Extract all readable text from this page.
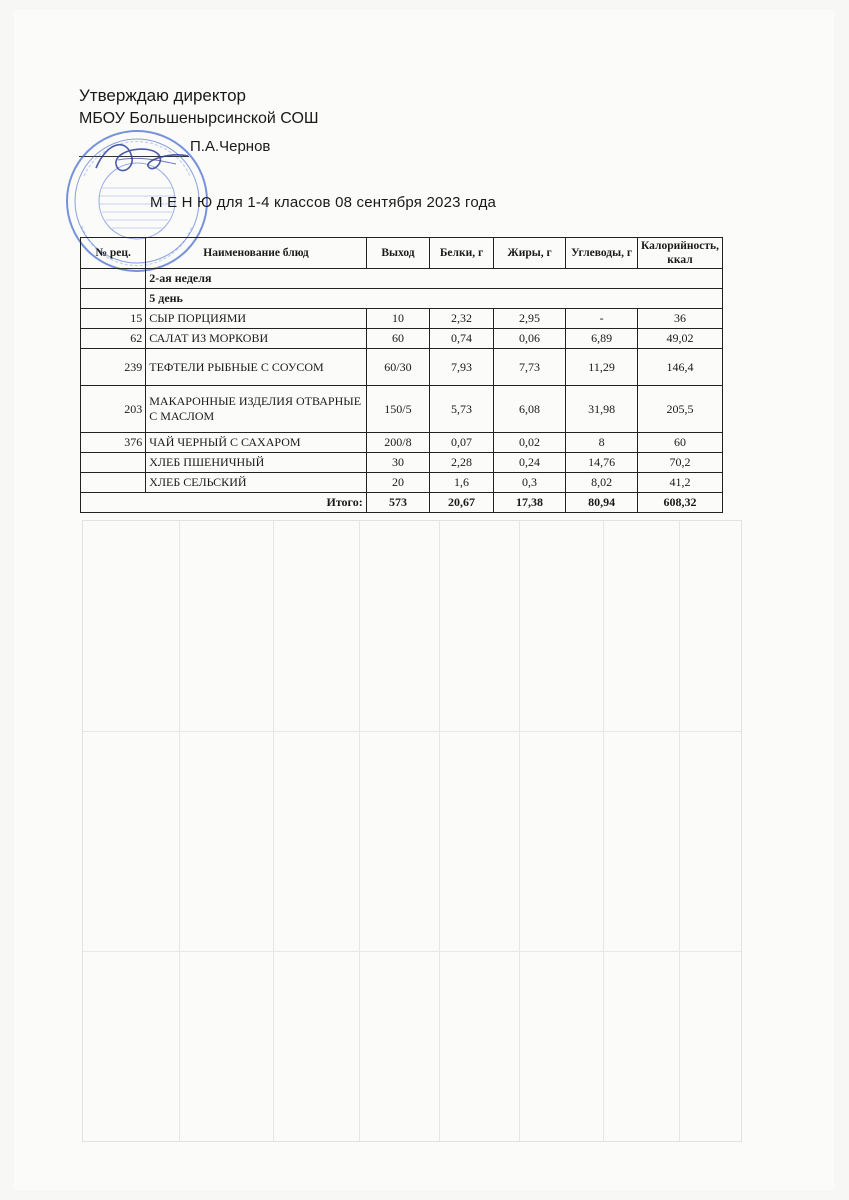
Утверждаю директор
МБОУ Большенырсинской СОШ
П.А.Чернов
М Е Н Ю для 1-4 классов 08 сентября 2023 года
№ рец.	Наименование блюд	Выход	Белки, г	Жиры, г	Углеводы, г	Калорийность, ккал
	2-ая неделя					
	5 день					
15	СЫР ПОРЦИЯМИ	10	2,32	2,95	-	36
62	САЛАТ ИЗ МОРКОВИ	60	0,74	0,06	6,89	49,02
239	ТЕФТЕЛИ РЫБНЫЕ С СОУСОМ	60/30	7,93	7,73	11,29	146,4
203	МАКАРОННЫЕ ИЗДЕЛИЯ ОТВАРНЫЕ С МАСЛОМ	150/5	5,73	6,08	31,98	205,5
376	ЧАЙ ЧЕРНЫЙ С САХАРОМ	200/8	0,07	0,02	8	60
	ХЛЕБ ПШЕНИЧНЫЙ	30	2,28	0,24	14,76	70,2
	ХЛЕБ СЕЛЬСКИЙ	20	1,6	0,3	8,02	41,2
Итого:		573	20,67	17,38	80,94	608,32
